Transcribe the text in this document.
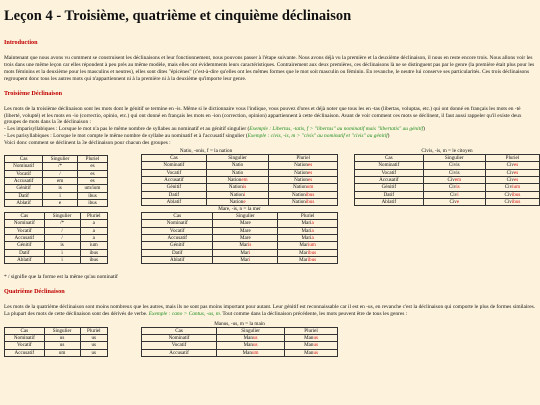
Leçon 4 - Troisième, quatrième et cinquième déclinaison
Introduction

Maintenant que nous avons vu comment se construisent les déclinaisons et leur fonctionnement, nous pouvons passer à l'étape suivante. Nous avons déjà vu la première et la deuxième déclinaison, il nous en reste encore trois. Nous allons voir les trois dans une même leçon car elles répondent à peu près au même modèle, mais elles ont évidemments leurs caractéristiques. Contrairement aux deux premières, ces déclinaisons là ne se distinguent pas par le genre (la première était plus pour les mots féminins et la deuxième pour les masculins et neutres), elles sont dites "épicènes" (c'est-à-dire qu'elles ont les mêmes formes que le mot soit masculin ou féminin. En revanche, le neutre lui conserve ses particularités. Ces trois déclinaisons regroupent donc tous les autres mots qui n'appartiennent ni à la première ni à la deuxième qu'importe leur genre.

Troisième Déclinaison

Les mots de la troisième déclinaison sont les mots dont le génitif se termine en -is. Même si le dictionnaire vous l'indique, vous pouvez d'ores et déjà noter que tous les en -tas (libertas, voluptas, etc.) qui ont donné en français les mots en -té (liberté, volupté) et les mots en -io (correctio, opinio, etc.) qui ont donné en français les mots en -ion (correction, opinion) appartiennent à cette déclinaison. Avant de voir comment ces mots se déclinent, il faut aussi rappeler qu'il existe deux groupes de mots dans la 3e déclinaison :

- Les imparisyllabiques : Lorsque le mot n'a pas le même nombre de syllabes au nominatif et au génitif singulier (Exemple : Libertas, -tatis, f > "libertas" au nominatif mais "libertatis" au génitif)

- Les parisyllabiques : Lorsque le mot compte le même nombre de syllabe au nominatif et à l'accusatif singulier (Exemple : civis, -is, m > "civis" au nominatif et "civis" au génitif)

Voici donc comment se déclinent la 3e déclinaison pour chacun des groupes :

Cas	Singulier	Pluriel
Nominatif	/*	es
Vocatif	/	es
Accusatif	em	es
Génitif	is	um/ium
Datif	i	ibus
Ablatif	e	ibus
Natio, -onis, f = la nation
Cas	Singulier	Pluriel
Nominatif	Natio	Nationes
Vocatif	Natio	Nationes
Accusatif	Nationem	Nationes
Génitif	Nationis	Nationum
Datif	Nationi	Nationibus
Ablatif	Natione	Nationibus
Civis, -is, m = le citoyen
Cas	Singulier	Pluriel
Nominatif	Civis	Cives
Vocatif	Civis	Cives
Accusatif	Civem	Cives
Génitif	Civis	Civium
Datif	Civi	Civibus
Ablatif	Cive	Civibus
Cas	Singulier	Pluriel
Nominatif	/*	a
Vocatif	/	a
Accusatif	/	a
Génitif	is	ium
Datif	i	ibus
Ablatif	i	ibus
Mare, -is, n = la mer
Cas	Singulier	Pluriel
Nominatif	Mare	Maria
Vocatif	Mare	Maria
Accusatif	Mare	Maria
Génitif	Maris	Marium
Datif	Mari	Maribus
Ablatif	Mari	Maribus

* / signifie que la forme est la même qu'au nominatif

Quatrième Déclinaison

Les mots de la quatrième déclinaison sont moins nombreux que les autres, mais ils ne sont pas moins important pour autant. Leur génitif est reconnaissable car il est en -us, en revanche c'est la déclinaison qui comporte le plus de formes similaires. La plupart des mots de cette déclinaison sont des dérivés de verbe. Exemple : cano > Cantus, -us, m. Tout comme dans la déclinaison précédente, les mots peuvent être de tous les genres :

Cas	Singulier	Pluriel
Nominatif	us	us
Vocatif	us	us
Accusatif	um	us
Manus, -us, m = la main
Cas	Singulier	Pluriel
Nominatif	Manus	Manus
Vocatif	Manus	Manus
Accusatif	Manum	Manus
